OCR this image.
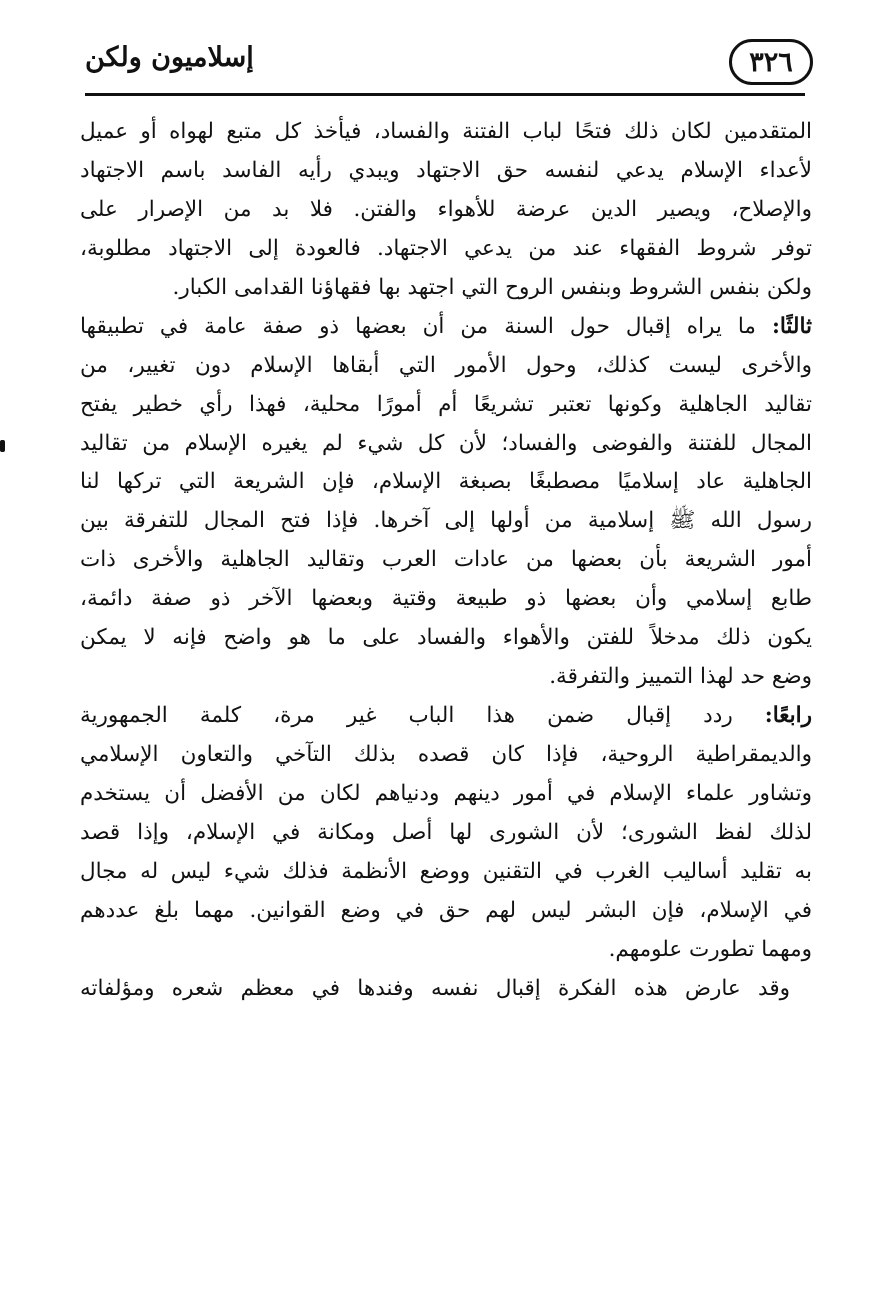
٣٢٦
إسلاميون ولكن
المتقدمين لكان ذلك فتحًا لباب الفتنة والفساد، فيأخذ كل متبع لهواه أو عميل
لأعداء الإسلام يدعي لنفسه حق الاجتهاد ويبدي رأيه الفاسد باسم الاجتهاد
والإصلاح، ويصير الدين عرضة للأهواء والفتن. فلا بد من الإصرار على
توفر شروط الفقهاء عند من يدعي الاجتهاد. فالعودة إلى الاجتهاد مطلوبة،
ولكن بنفس الشروط وبنفس الروح التي اجتهد بها فقهاؤنا القدامى الكبار.
ثالثًا: ما يراه إقبال حول السنة من أن بعضها ذو صفة عامة في تطبيقها
والأخرى ليست كذلك، وحول الأمور التي أبقاها الإسلام دون تغيير، من
تقاليد الجاهلية وكونها تعتبر تشريعًا أم أمورًا محلية، فهذا رأي خطير يفتح
المجال للفتنة والفوضى والفساد؛ لأن كل شيء لم يغيره الإسلام من تقاليد
الجاهلية عاد إسلاميًا مصطبغًا بصبغة الإسلام، فإن الشريعة التي تركها لنا
رسول الله ﷺ إسلامية من أولها إلى آخرها. فإذا فتح المجال للتفرقة بين
أمور الشريعة بأن بعضها من عادات العرب وتقاليد الجاهلية والأخرى ذات
طابع إسلامي وأن بعضها ذو طبيعة وقتية وبعضها الآخر ذو صفة دائمة،
يكون ذلك مدخلاً للفتن والأهواء والفساد على ما هو واضح فإنه لا يمكن
وضع حد لهذا التمييز والتفرقة.
رابعًا: ردد إقبال ضمن هذا الباب غير مرة، كلمة الجمهورية
والديمقراطية الروحية، فإذا كان قصده بذلك التآخي والتعاون الإسلامي
وتشاور علماء الإسلام في أمور دينهم ودنياهم لكان من الأفضل أن يستخدم
لذلك لفظ الشورى؛ لأن الشورى لها أصل ومكانة في الإسلام، وإذا قصد
به تقليد أساليب الغرب في التقنين ووضع الأنظمة فذلك شيء ليس له مجال
في الإسلام، فإن البشر ليس لهم حق في وضع القوانين. مهما بلغ عددهم
ومهما تطورت علومهم.
وقد عارض هذه الفكرة إقبال نفسه وفندها في معظم شعره ومؤلفاته
